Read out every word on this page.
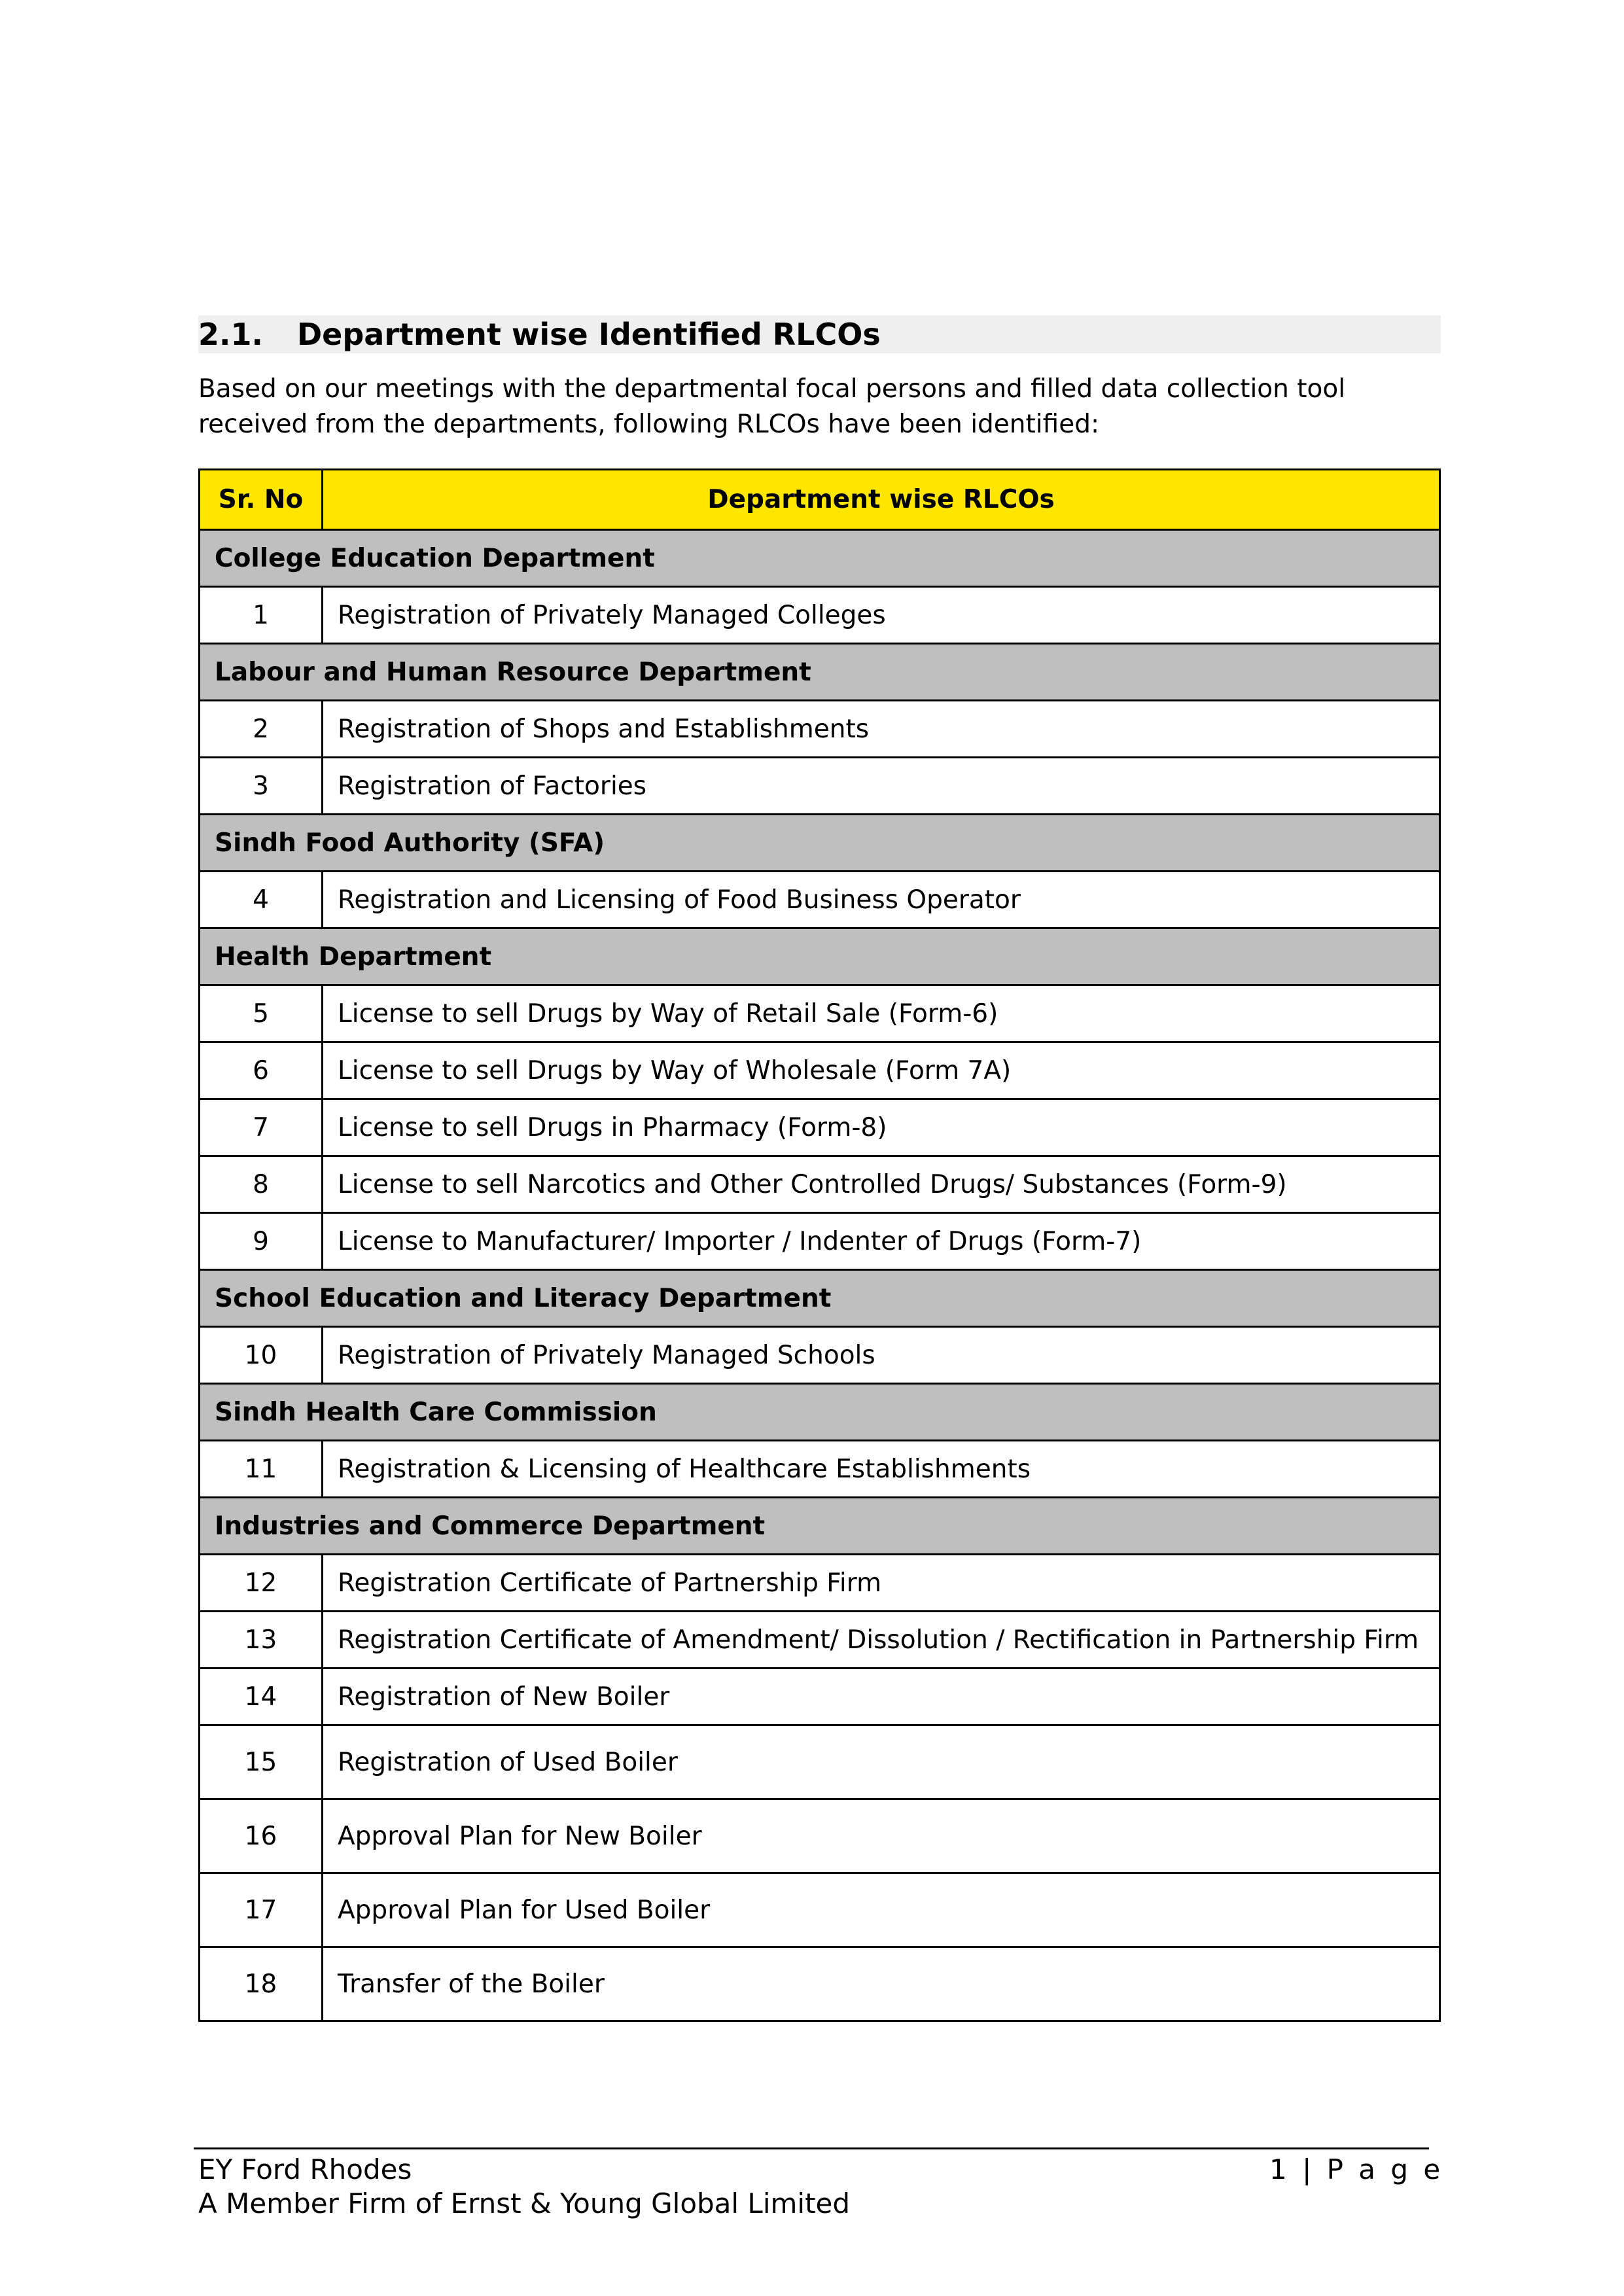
2.1. Department wise Identified RLCOs
Based on our meetings with the departmental focal persons and filled data collection tool received from the departments, following RLCOs have been identified:
Sr. No	Department wise RLCOs
College Education Department	
1	Registration of Privately Managed Colleges
Labour and Human Resource Department	
2	Registration of Shops and Establishments
3	Registration of Factories
Sindh Food Authority (SFA)	
4	Registration and Licensing of Food Business Operator
Health Department	
5	License to sell Drugs by Way of Retail Sale (Form-6)
6	License to sell Drugs by Way of Wholesale (Form 7A)
7	License to sell Drugs in Pharmacy (Form-8)
8	License to sell Narcotics and Other Controlled Drugs/ Substances (Form-9)
9	License to Manufacturer/ Importer / Indenter of Drugs (Form-7)
School Education and Literacy Department	
10	Registration of Privately Managed Schools
Sindh Health Care Commission	
11	Registration & Licensing of Healthcare Establishments
Industries and Commerce Department	
12	Registration Certificate of Partnership Firm
13	Registration Certificate of Amendment/ Dissolution / Rectification in Partnership Firm
14	Registration of New Boiler
15	Registration of Used Boiler
16	Approval Plan for New Boiler
17	Approval Plan for Used Boiler
18	Transfer of the Boiler
EY Ford Rhodes
A Member Firm of Ernst & Young Global Limited
1 | P a g e
